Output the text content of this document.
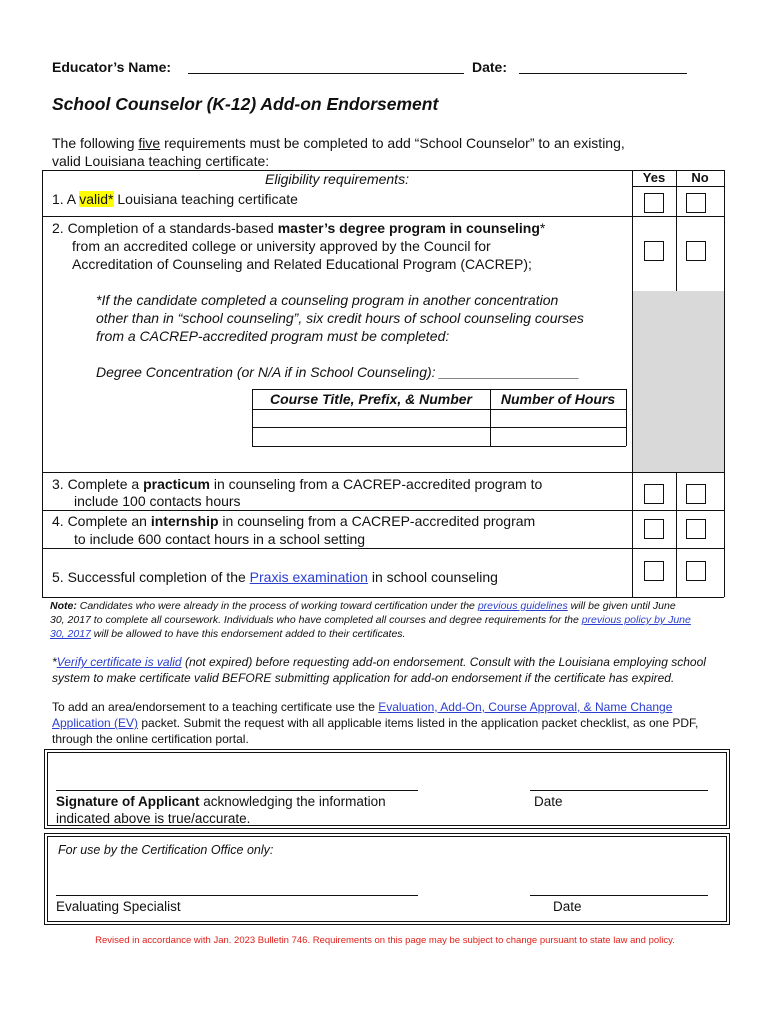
Educator’s Name:	Date:
School Counselor (K-12) Add-on Endorsement
The following five requirements must be completed to add “School Counselor” to an existing,
valid Louisiana teaching certificate:
Eligibility requirements:	Yes	No
1. A valid* Louisiana teaching certificate
2. Completion of a standards-based master’s degree program in counseling*
from an accredited college or university approved by the Council for
Accreditation of Counseling and Related Educational Program (CACREP);
*If the candidate completed a counseling program in another concentration
other than in “school counseling”, six credit hours of school counseling courses
from a CACREP-accredited program must be completed:
Degree Concentration (or N/A if in School Counseling): __________________
Course Title, Prefix, & Number	Number of Hours
3. Complete a practicum in counseling from a CACREP-accredited program to
include 100 contacts hours
4. Complete an internship in counseling from a CACREP-accredited program
to include 600 contact hours in a school setting
5. Successful completion of the Praxis examination in school counseling
Note: Candidates who were already in the process of working toward certification under the previous guidelines will be given until June
30, 2017 to complete all coursework. Individuals who have completed all courses and degree requirements for the previous policy by June
30, 2017 will be allowed to have this endorsement added to their certificates.
*Verify certificate is valid (not expired) before requesting add-on endorsement. Consult with the Louisiana employing school
system to make certificate valid BEFORE submitting application for add-on endorsement if the certificate has expired.
To add an area/endorsement to a teaching certificate use the Evaluation, Add-On, Course Approval, & Name Change
Application (EV) packet. Submit the request with all applicable items listed in the application packet checklist, as one PDF,
through the online certification portal.
Signature of Applicant acknowledging the information
indicated above is true/accurate.
Date
For use by the Certification Office only:
Evaluating Specialist	Date
Revised in accordance with Jan. 2023 Bulletin 746. Requirements on this page may be subject to change pursuant to state law and policy.
